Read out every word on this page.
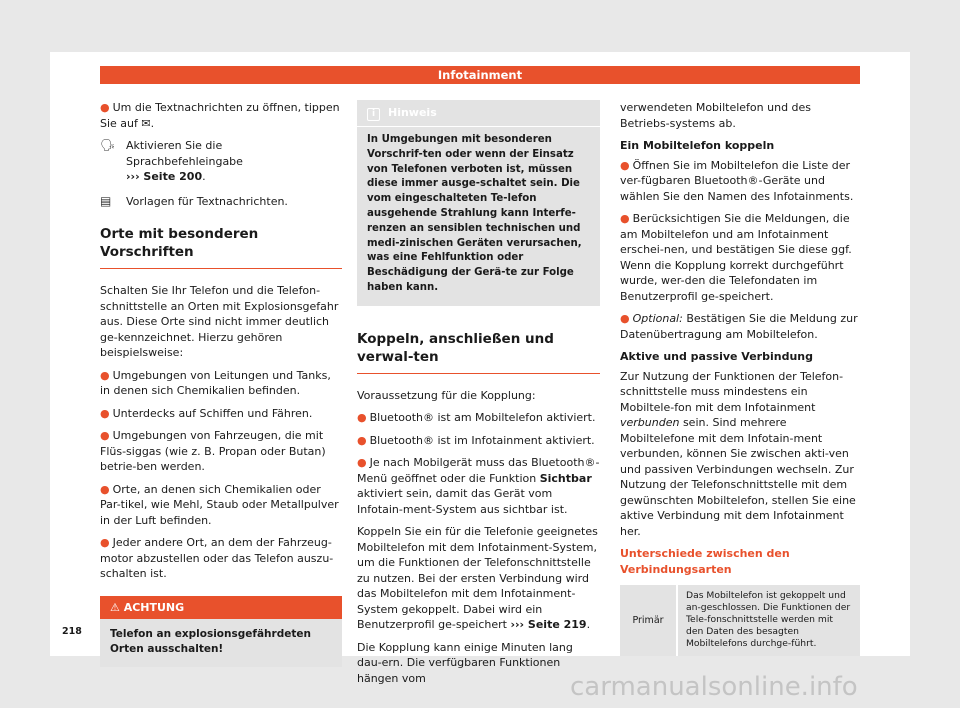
Infotainment
● Um die Textnachrichten zu öffnen, tippen Sie auf ✉.
🗣 Aktivieren Sie die Sprachbefehleingabe
››› Seite 200.
▤	Vorlagen für Textnachrichten.
Orte mit besonderen Vorschriften

Schalten Sie Ihr Telefon und die Telefon-schnittstelle an Orten mit Explosionsgefahr aus. Diese Orte sind nicht immer deutlich ge-kennzeichnet. Hierzu gehören beispielsweise:

● Umgebungen von Leitungen und Tanks, in denen sich Chemikalien befinden.
● Unterdecks auf Schiffen und Fähren.
● Umgebungen von Fahrzeugen, die mit Flüs-siggas (wie z. B. Propan oder Butan) betrie-ben werden.
● Orte, an denen sich Chemikalien oder Par-tikel, wie Mehl, Staub oder Metallpulver in der Luft befinden.
● Jeder andere Ort, an dem der Fahrzeug-motor abzustellen oder das Telefon auszu-schalten ist.
⚠ ACHTUNG
Telefon an explosionsgefährdeten Orten ausschalten!
i Hinweis
In Umgebungen mit besonderen Vorschrif-ten oder wenn der Einsatz von Telefonen verboten ist, müssen diese immer ausge-schaltet sein. Die vom eingeschalteten Te-lefon ausgehende Strahlung kann Interfe-renzen an sensiblen technischen und medi-zinischen Geräten verursachen, was eine Fehlfunktion oder Beschädigung der Gerä-te zur Folge haben kann.
Koppeln, anschließen und verwal-ten

Voraussetzung für die Kopplung:

● Bluetooth® ist am Mobiltelefon aktiviert.
● Bluetooth® ist im Infotainment aktiviert.
● Je nach Mobilgerät muss das Bluetooth®-Menü geöffnet oder die Funktion Sichtbar aktiviert sein, damit das Gerät vom Infotain-ment-System aus sichtbar ist.

Koppeln Sie ein für die Telefonie geeignetes Mobiltelefon mit dem Infotainment-System, um die Funktionen der Telefonschnittstelle zu nutzen. Bei der ersten Verbindung wird das Mobiltelefon mit dem Infotainment-System gekoppelt. Dabei wird ein Benutzerprofil ge-speichert ››› Seite 219.

Die Kopplung kann einige Minuten lang dau-ern. Die verfügbaren Funktionen hängen vom

verwendeten Mobiltelefon und des Betriebs-systems ab.

Ein Mobiltelefon koppeln
● Öffnen Sie im Mobiltelefon die Liste der ver-fügbaren Bluetooth®-Geräte und wählen Sie den Namen des Infotainments.
● Berücksichtigen Sie die Meldungen, die am Mobiltelefon und am Infotainment erschei-nen, und bestätigen Sie diese ggf. Wenn die Kopplung korrekt durchgeführt wurde, wer-den die Telefondaten im Benutzerprofil ge-speichert.
● Optional: Bestätigen Sie die Meldung zur Datenübertragung am Mobiltelefon.
Aktive und passive Verbindung

Zur Nutzung der Funktionen der Telefon-schnittstelle muss mindestens ein Mobiltele-fon mit dem Infotainment verbunden sein. Sind mehrere Mobiltelefone mit dem Infotain-ment verbunden, können Sie zwischen akti-ven und passiven Verbindungen wechseln. Zur Nutzung der Telefonschnittstelle mit dem gewünschten Mobiltelefon, stellen Sie eine aktive Verbindung mit dem Infotainment her.

Unterschiede zwischen den Verbindungsarten
Primär
Das Mobiltelefon ist gekoppelt und an-geschlossen. Die Funktionen der Tele-fonschnittstelle werden mit den Daten des besagten Mobiltelefons durchge-führt.
218
carmanualsonline.info
